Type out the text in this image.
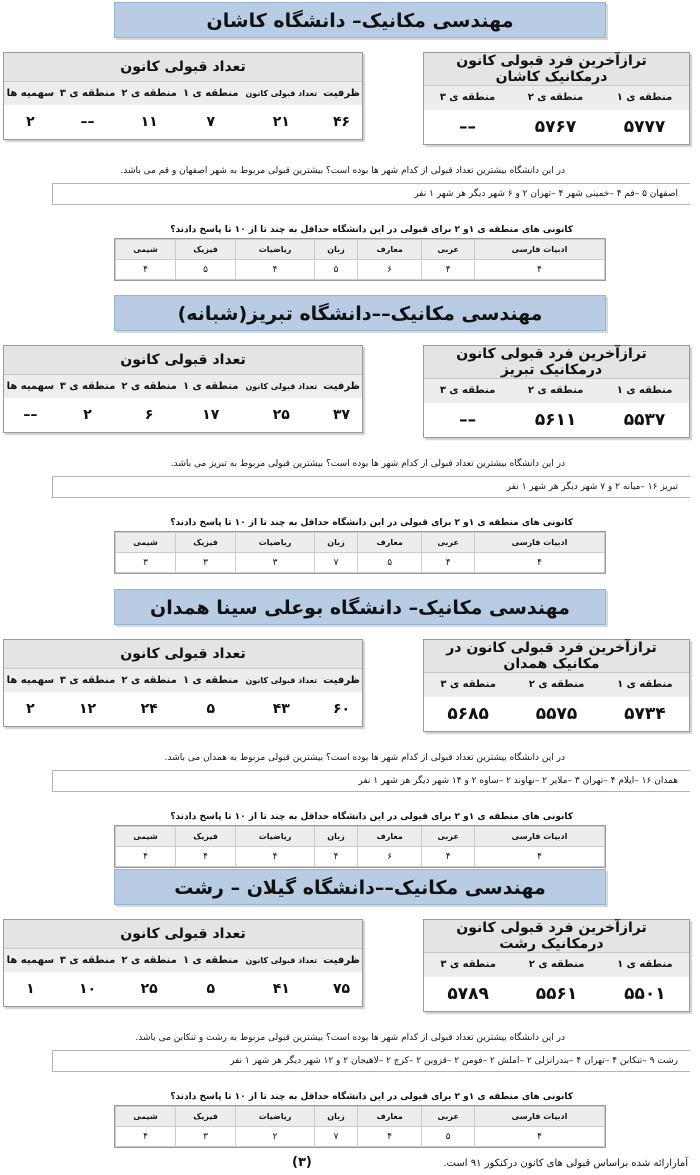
مهندسی مکانیک– دانشگاه کاشان
ترازآخرین فرد قبولی کانون درمکانیک کاشان		
منطقه ی ۱	منطقه ی ۲	منطقه ی ۳
۵۷۷۷	۵۷۶۷	––
تعداد قبولی کانون					
ظرفیت	تعداد قبولی کانون	منطقه ی ۱	منطقه ی ۲	منطقه ی ۳	سهمیه ها
۴۶	۲۱	۷	۱۱	––	۲
در این دانشگاه بیشترین تعداد قبولی از کدام شهر ها بوده است؟ بیشترین قبولی مربوط به شهر اصفهان و قم می باشد.
اصفهان ۵ –قم ۴ –خمینی شهر ۴ –تهران ۲ و ۶ شهر دیگر هر شهر ۱ نفر
کانونی های منطقه ی ۱و ۲ برای قبولی در این دانشگاه حداقل به چند تا از ۱۰ تا پاسخ دادند؟
ادبیات فارسی	عربی	معارف	زبان	ریاضیات	فیزیک	شیمی
۴	۴	۶	۵	۴	۵	۴
مهندسی مکانیک––دانشگاه تبریز(شبانه)
ترازآخرین فرد قبولی کانون درمکانیک تبریز		
منطقه ی ۱	منطقه ی ۲	منطقه ی ۳
۵۵۳۷	۵۶۱۱	––
تعداد قبولی کانون					
ظرفیت	تعداد قبولی کانون	منطقه ی ۱	منطقه ی ۲	منطقه ی ۳	سهمیه ها
۳۷	۲۵	۱۷	۶	۲	––
در این دانشگاه بیشترین تعداد قبولی از کدام شهر ها بوده است؟ بیشترین قبولی مربوط به تبریز می باشد.
تبریز ۱۶ –میانه ۲ و ۷ شهر دیگر هر شهر ۱ نفر
کانونی های منطقه ی ۱و ۲ برای قبولی در این دانشگاه حداقل به چند تا از ۱۰ تا پاسخ دادند؟
ادبیات فارسی	عربی	معارف	زبان	ریاضیات	فیزیک	شیمی
۴	۴	۵	۷	۳	۳	۳
مهندسی مکانیک– دانشگاه بوعلی سینا همدان
ترازآخرین فرد قبولی کانون در مکانیک همدان		
منطقه ی ۱	منطقه ی ۲	منطقه ی ۳
۵۷۳۴	۵۵۷۵	۵۶۸۵
تعداد قبولی کانون					
ظرفیت	تعداد قبولی کانون	منطقه ی ۱	منطقه ی ۲	منطقه ی ۳	سهمیه ها
۶۰	۴۳	۵	۲۴	۱۲	۲
در این دانشگاه بیشترین تعداد قبولی از کدام شهر ها بوده است؟ بیشترین قبولی مربوط به همدان می باشد.
همدان ۱۶ –ایلام ۴ –تهران ۳ –ملایر ۲ –نهاوند ۲ –ساوه ۲ و ۱۴ شهر دیگر هر شهر ۱ نفر
کانونی های منطقه ی ۱و ۲ برای قبولی در این دانشگاه حداقل به چند تا از ۱۰ تا پاسخ دادند؟
ادبیات فارسی	عربی	معارف	زبان	ریاضیات	فیزیک	شیمی
۴	۴	۶	۴	۴	۴	۴
مهندسی مکانیک––دانشگاه گیلان – رشت
ترازآخرین فرد قبولی کانون درمکانیک رشت		
منطقه ی ۱	منطقه ی ۲	منطقه ی ۳
۵۵۰۱	۵۵۶۱	۵۷۸۹
تعداد قبولی کانون					
ظرفیت	تعداد قبولی کانون	منطقه ی ۱	منطقه ی ۲	منطقه ی ۳	سهمیه ها
۷۵	۴۱	۵	۲۵	۱۰	۱
در این دانشگاه بیشترین تعداد قبولی از کدام شهر ها بوده است؟ بیشترین قبولی مربوط به رشت و تنکابن می باشد.
رشت ۹ –تنکابن ۴ –تهران ۴ –بندرانزلی ۲ –املش ۲ –فومن ۲ –قزوین ۲ –کرج ۲ –لاهیجان ۲ و ۱۲ شهر دیگر هر شهر ۱ نفر
کانونی های منطقه ی ۱و ۲ برای قبولی در این دانشگاه حداقل به چند تا از ۱۰ تا پاسخ دادند؟
ادبیات فارسی	عربی	معارف	زبان	ریاضیات	فیزیک	شیمی
۴	۵	۴	۷	۲	۳	۴
(۳)	آمارارائه شده براساس قبولی های کانون درکنکور ۹۱ است.
